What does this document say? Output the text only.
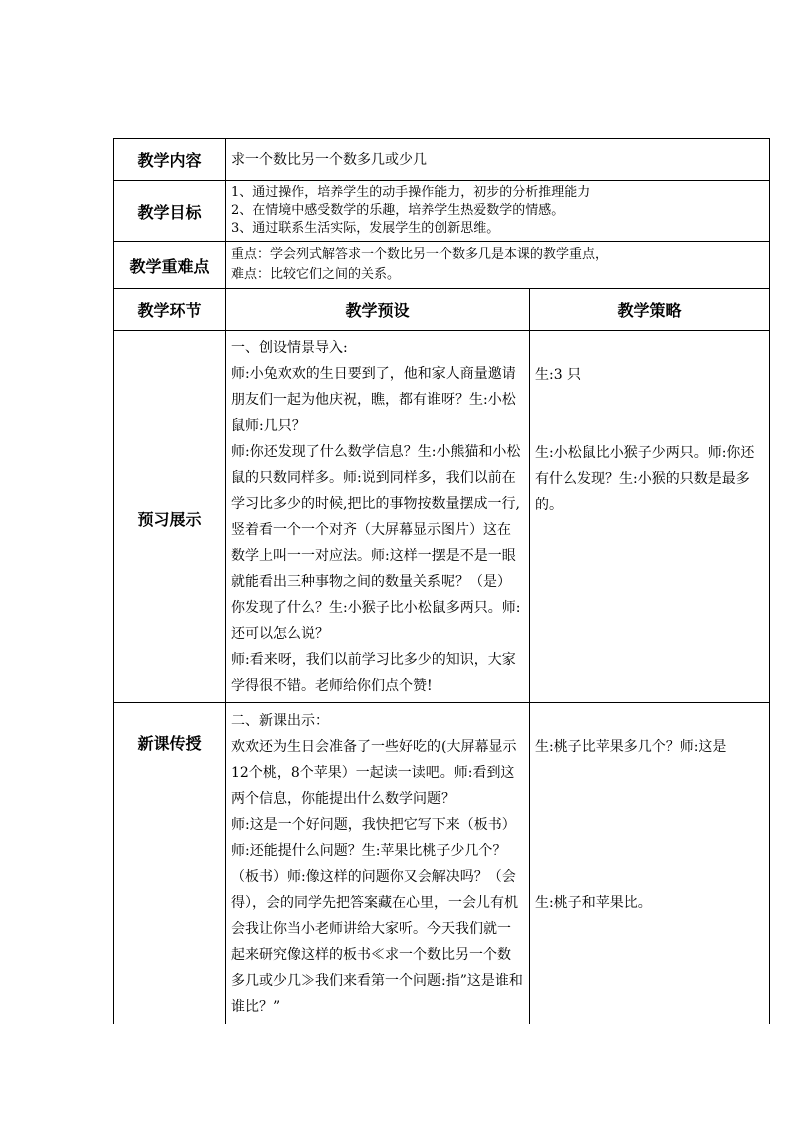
教学内容	求一个数比另一个数多几或少几	
教学目标	1、通过操作，培养学生的动手操作能力，初步的分析推理能力
2、在情境中感受数学的乐趣，培养学生热爱数学的情感。
3、通过联系生活实际，发展学生的创新思维。	

教学重难点	重点：学会列式解答求一个数比另一个数多几是本课的教学重点，
难点：比较它们之间的关系。	

教学环节	教学预设	教学策略
预习展示	一、创设情景导入:
师:小兔欢欢的生日要到了，他和家人商量邀请朋友们一起为他庆祝，瞧，都有谁呀？生:小松鼠师:几只？
师:你还发现了什么数学信息？生:小熊猫和小松鼠的只数同样多。师:说到同样多，我们以前在学习比多少的时候,把比的事物按数量摆成一行,竖着看一个一个对齐（大屏幕显示图片）这在数学上叫一一对应法。师:这样一摆是不是一眼就能看出三种事物之间的数量关系呢？（是）你发现了什么？生:小猴子比小松鼠多两只。师:还可以怎么说？
师:看来呀，我们以前学习比多少的知识，大家学得很不错。老师给你们点个赞!	生:3 只
生:小松鼠比小猴子少两只。师:你还有什么发现？生:小猴的只数是最多的。

新课传授	二、新课出示：
欢欢还为生日会准备了一些好吃的(大屏幕显示12个桃，8个苹果）一起读一读吧。师:看到这两个信息，你能提出什么数学问题？
师:这是一个好问题，我快把它写下来（板书）
师:还能提什么问题？生:苹果比桃子少几个？（板书）师:像这样的问题你又会解决吗？（会得），会的同学先把答案藏在心里，一会儿有机会我让你当小老师讲给大家听。今天我们就一起来研究像这样的板书≪求一个数比另一个数多几或少几≫我们来看第一个问题:指”这是谁和谁比？”	生:桃子比苹果多几个？师:这是
生:桃子和苹果比。
